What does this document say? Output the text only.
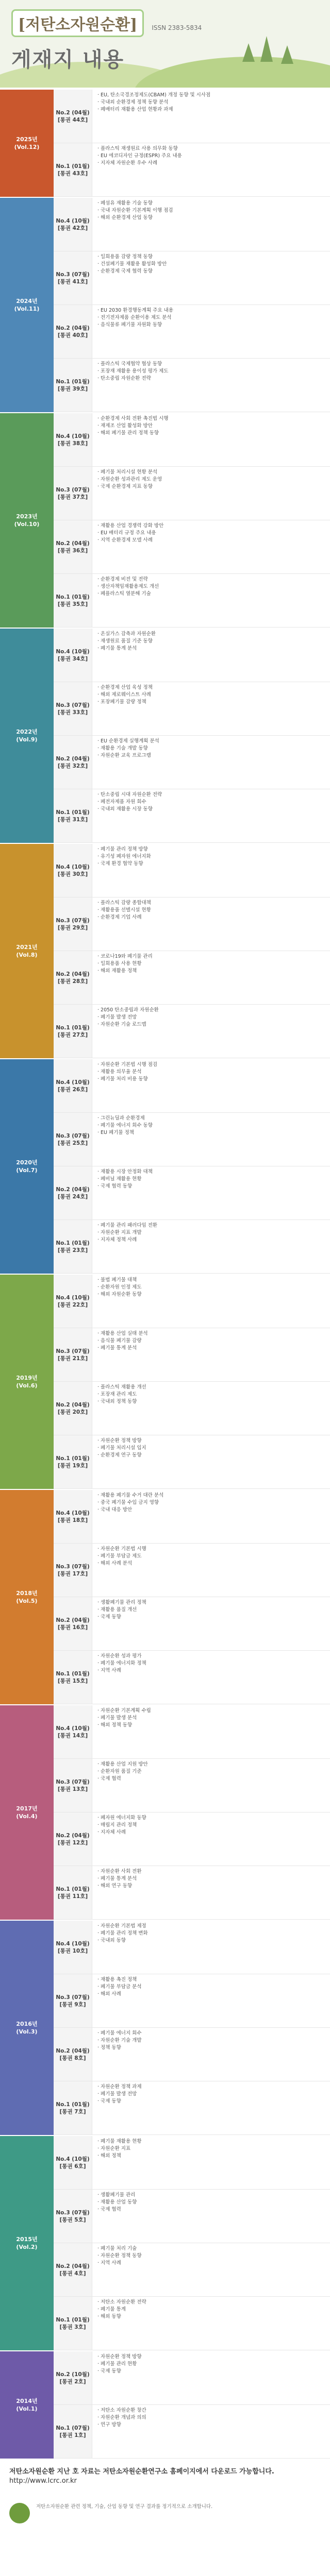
[저탄소자원순환] ISSN 2383-5834
게재지 내용
2025년
(Vol.12)
No.2 (04월)
[통권 44호]
· EU, 탄소국경조정제도(CBAM) 개정 동향 및 시사점
· 국내외 순환경제 정책 동향 분석
· 폐배터리 재활용 산업 현황과 과제
No.1 (01월)
[통권 43호]
· 플라스틱 재생원료 사용 의무화 동향
· EU 에코디자인 규정(ESPR) 주요 내용
· 지자체 자원순환 우수 사례
2024년
(Vol.11)
No.4 (10월)
[통권 42호]
· 폐섬유 재활용 기술 동향
· 국내 자원순환 기본계획 이행 점검
· 해외 순환경제 산업 동향
No.3 (07월)
[통권 41호]
· 일회용품 감량 정책 동향
· 건설폐기물 재활용 활성화 방안
· 순환경제 국제 협력 동향
No.2 (04월)
[통권 40호]
· EU 2030 환경행동계획 주요 내용
· 전기전자제품 순환이용 제도 분석
· 음식물류 폐기물 자원화 동향
No.1 (01월)
[통권 39호]
· 플라스틱 국제협약 협상 동향
· 포장재 재활용 용이성 평가 제도
· 탄소중립 자원순환 전략
2023년
(Vol.10)
No.4 (10월)
[통권 38호]
· 순환경제 사회 전환 촉진법 시행
· 재제조 산업 활성화 방안
· 해외 폐기물 관리 정책 동향
No.3 (07월)
[통권 37호]
· 폐기물 처리시설 현황 분석
· 자원순환 성과관리 제도 운영
· 국제 순환경제 지표 동향
No.2 (04월)
[통권 36호]
· 재활용 산업 경쟁력 강화 방안
· EU 배터리 규정 주요 내용
· 지역 순환경제 모델 사례
No.1 (01월)
[통권 35호]
· 순환경제 비전 및 전략
· 생산자책임재활용제도 개선
· 폐플라스틱 열분해 기술
2022년
(Vol.9)
No.4 (10월)
[통권 34호]
· 온실가스 감축과 자원순환
· 재생원료 품질 기준 동향
· 폐기물 통계 분석
No.3 (07월)
[통권 33호]
· 순환경제 산업 육성 정책
· 해외 제로웨이스트 사례
· 포장폐기물 감량 정책
No.2 (04월)
[통권 32호]
· EU 순환경제 실행계획 분석
· 재활용 기술 개발 동향
· 자원순환 교육 프로그램
No.1 (01월)
[통권 31호]
· 탄소중립 시대 자원순환 전략
· 폐전자제품 자원 회수
· 국내외 재활용 시장 동향
2021년
(Vol.8)
No.4 (10월)
[통권 30호]
· 폐기물 관리 정책 방향
· 유기성 폐자원 에너지화
· 국제 환경 협약 동향
No.3 (07월)
[통권 29호]
· 플라스틱 감량 종합대책
· 재활용품 선별시설 현황
· 순환경제 기업 사례
No.2 (04월)
[통권 28호]
· 코로나19와 폐기물 관리
· 일회용품 사용 현황
· 해외 재활용 정책
No.1 (01월)
[통권 27호]
· 2050 탄소중립과 자원순환
· 폐기물 발생 전망
· 자원순환 기술 로드맵
2020년
(Vol.7)
No.4 (10월)
[통권 26호]
· 자원순환 기본법 시행 점검
· 재활용 의무율 분석
· 폐기물 처리 비용 동향
No.3 (07월)
[통권 25호]
· 그린뉴딜과 순환경제
· 폐기물 에너지 회수 동향
· EU 폐기물 정책
No.2 (04월)
[통권 24호]
· 재활용 시장 안정화 대책
· 폐비닐 재활용 현황
· 국제 협력 동향
No.1 (01월)
[통권 23호]
· 폐기물 관리 패러다임 전환
· 자원순환 지표 개발
· 지자체 정책 사례
2019년
(Vol.6)
No.4 (10월)
[통권 22호]
· 불법 폐기물 대책
· 순환자원 인정 제도
· 해외 자원순환 동향
No.3 (07월)
[통권 21호]
· 재활용 산업 실태 분석
· 음식물 폐기물 감량
· 폐기물 통계 분석
No.2 (04월)
[통권 20호]
· 플라스틱 재활용 개선
· 포장재 관리 제도
· 국내외 정책 동향
No.1 (01월)
[통권 19호]
· 자원순환 정책 방향
· 폐기물 처리시설 입지
· 순환경제 연구 동향
2018년
(Vol.5)
No.4 (10월)
[통권 18호]
· 재활용 폐기물 수거 대란 분석
· 중국 폐기물 수입 금지 영향
· 국내 대응 방안
No.3 (07월)
[통권 17호]
· 자원순환 기본법 시행
· 폐기물 부담금 제도
· 해외 사례 분석
No.2 (04월)
[통권 16호]
· 생활폐기물 관리 정책
· 재활용 품질 개선
· 국제 동향
No.1 (01월)
[통권 15호]
· 자원순환 성과 평가
· 폐기물 에너지화 정책
· 지역 사례
2017년
(Vol.4)
No.4 (10월)
[통권 14호]
· 자원순환 기본계획 수립
· 폐기물 발생 분석
· 해외 정책 동향
No.3 (07월)
[통권 13호]
· 재활용 산업 지원 방안
· 순환자원 품질 기준
· 국제 협력
No.2 (04월)
[통권 12호]
· 폐자원 에너지화 동향
· 매립지 관리 정책
· 지자체 사례
No.1 (01월)
[통권 11호]
· 자원순환 사회 전환
· 폐기물 통계 분석
· 해외 연구 동향
2016년
(Vol.3)
No.4 (10월)
[통권 10호]
· 자원순환 기본법 제정
· 폐기물 관리 정책 변화
· 국내외 동향
No.3 (07월)
[통권 9호]
· 재활용 촉진 정책
· 폐기물 부담금 분석
· 해외 사례
No.2 (04월)
[통권 8호]
· 폐기물 에너지 회수
· 자원순환 기술 개발
· 정책 동향
No.1 (01월)
[통권 7호]
· 자원순환 정책 과제
· 폐기물 발생 전망
· 국제 동향
2015년
(Vol.2)
No.4 (10월)
[통권 6호]
· 폐기물 재활용 현황
· 자원순환 지표
· 해외 정책
No.3 (07월)
[통권 5호]
· 생활폐기물 관리
· 재활용 산업 동향
· 국제 협력
No.2 (04월)
[통권 4호]
· 폐기물 처리 기술
· 자원순환 정책 동향
· 지역 사례
No.1 (01월)
[통권 3호]
· 저탄소 자원순환 전략
· 폐기물 통계
· 해외 동향
2014년
(Vol.1)
No.2 (10월)
[통권 2호]
· 자원순환 정책 방향
· 폐기물 관리 현황
· 국제 동향
No.1 (07월)
[통권 1호]
· 저탄소 자원순환 창간
· 자원순환 개념과 의의
· 연구 방향
저탄소자원순환 지난 호 자료는 저탄소자원순환연구소 홈페이지에서 다운로드 가능합니다.
http://www.lcrc.or.kr
저탄소자원순환 관련 정책, 기술, 산업 동향 및 연구 결과를 정기적으로 소개합니다.
